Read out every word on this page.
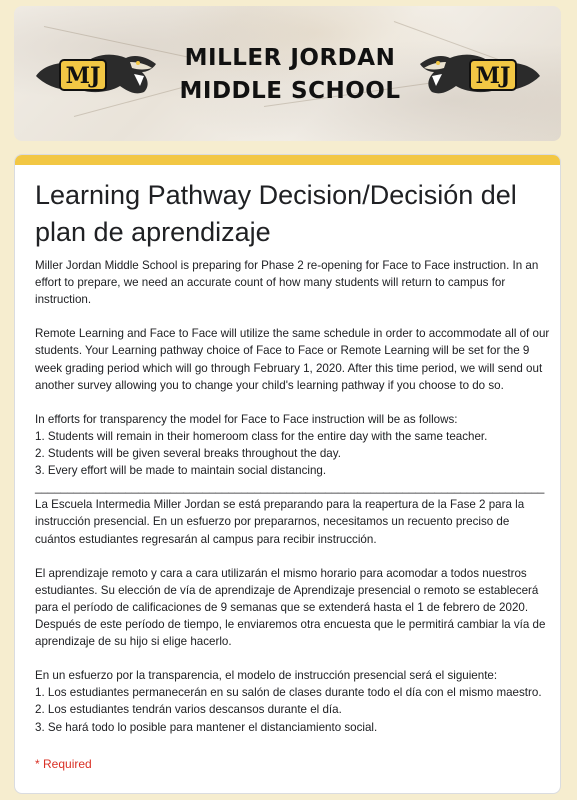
MJ
MILLER JORDAN MIDDLE SCHOOL
MJ
Learning Pathway Decision/Decisión del plan de aprendizaje
Miller Jordan Middle School is preparing for Phase 2 re-opening for Face to Face instruction. In an effort to prepare, we need an accurate count of how many students will return to campus for instruction.

Remote Learning and Face to Face will utilize the same schedule in order to accommodate all of our students. Your Learning pathway choice of Face to Face or Remote Learning will be set for the 9 week grading period which will go through February 1, 2020. After this time period, we will send out another survey allowing you to change your child's learning pathway if you choose to do so.

In efforts for transparency the model for Face to Face instruction will be as follows:
1. Students will remain in their homeroom class for the entire day with the same teacher.
2. Students will be given several breaks throughout the day.
3. Every effort will be made to maintain social distancing.
_______________________________________________________________________________
La Escuela Intermedia Miller Jordan se está preparando para la reapertura de la Fase 2 para la instrucción presencial. En un esfuerzo por prepararnos, necesitamos un recuento preciso de cuántos estudiantes regresarán al campus para recibir instrucción.

El aprendizaje remoto y cara a cara utilizarán el mismo horario para acomodar a todos nuestros estudiantes. Su elección de vía de aprendizaje de Aprendizaje presencial o remoto se establecerá para el período de calificaciones de 9 semanas que se extenderá hasta el 1 de febrero de 2020. Después de este período de tiempo, le enviaremos otra encuesta que le permitirá cambiar la vía de aprendizaje de su hijo si elige hacerlo.

En un esfuerzo por la transparencia, el modelo de instrucción presencial será el siguiente:
1. Los estudiantes permanecerán en su salón de clases durante todo el día con el mismo maestro.
2. Los estudiantes tendrán varios descansos durante el día.
3. Se hará todo lo posible para mantener el distanciamiento social.
* Required
